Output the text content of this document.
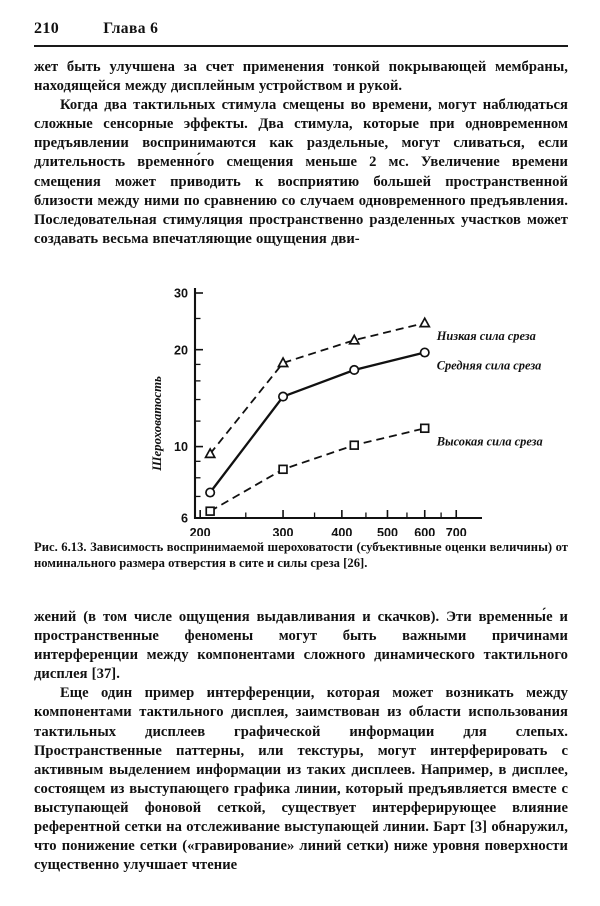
210	Глава 6

жет быть улучшена за счет применения тонкой покрывающей мембраны, находящейся между дисплейным устройством и рукой.

Когда два тактильных стимула смещены во времени, могут наблюдаться сложные сенсорные эффекты. Два стимула, которые при одновременном предъявлении воспринимаются как раздельные, могут сливаться, если длительность временно́го смещения меньше 2 мс. Увеличение времени смещения может приводить к восприятию большей пространственной близости между ними по сравнению со случаем одновременного предъявления. Последовательная стимуляция пространственно разделенных участков может создавать весьма впечатляющие ощущения дви-

6
10
20
30
200	300	400 500 600 700
Шероховатость
Низкая сила среза
Средняя сила среза
Высокая сила среза
Рис. 6.13. Зависимость воспринимаемой шероховатости (субъективные оценки величины) от номинального размера отверстия в сите и силы среза [26].

жений (в том числе ощущения выдавливания и скачков). Эти временны́е и пространственные феномены могут быть важными причинами интерференции между компонентами сложного динамического тактильного дисплея [37].

Еще один пример интерференции, которая может возникать между компонентами тактильного дисплея, заимствован из области использования тактильных дисплеев графической информации для слепых. Пространственные паттерны, или текстуры, могут интерферировать с активным выделением информации из таких дисплеев. Например, в дисплее, состоящем из выступающего графика линии, который предъявляется вместе с выступающей фоновой сеткой, существует интерферирующее влияние референтной сетки на отслеживание выступающей линии. Барт [3] обнаружил, что понижение сетки («гравирование» линий сетки) ниже уровня поверхности существенно улучшает чтение
